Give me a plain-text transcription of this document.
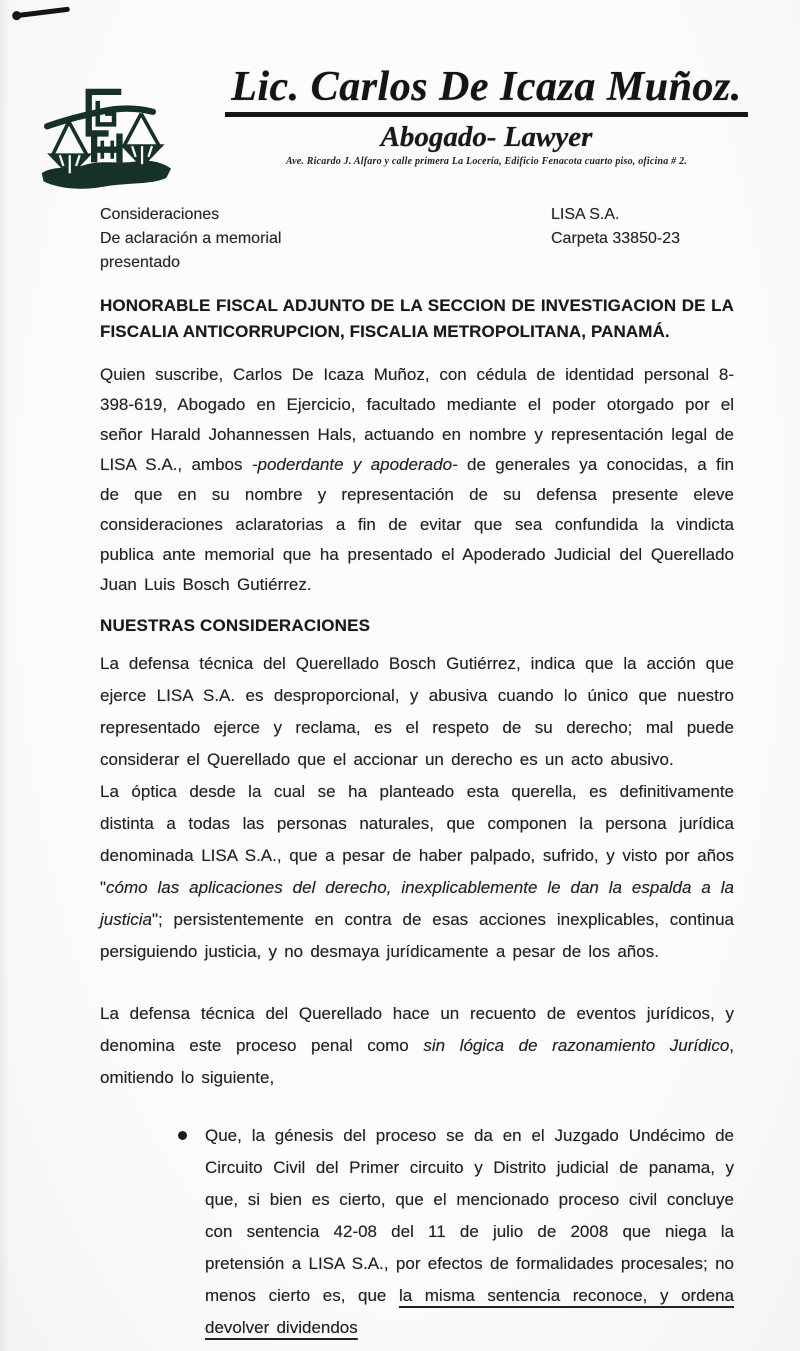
Lic. Carlos De Icaza Muñoz.
Abogado- Lawyer
Ave. Ricardo J. Alfaro y calle primera La Locería, Edificio Fenacota cuarto piso, oficina # 2.
Consideraciones
De aclaración a memorial
presentado
LISA S.A.
Carpeta 33850-23

HONORABLE FISCAL ADJUNTO DE LA SECCION DE INVESTIGACION DE LA FISCALIA ANTICORRUPCION, FISCALIA METROPOLITANA, PANAMÁ.

Quien suscribe, Carlos De Icaza Muñoz, con cédula de identidad personal 8-398-619, Abogado en Ejercicio, facultado mediante el poder otorgado por el señor Harald Johannessen Hals, actuando en nombre y representación legal de LISA S.A., ambos -poderdante y apoderado- de generales ya conocidas, a fin de que en su nombre y representación de su defensa presente eleve consideraciones aclaratorias a fin de evitar que sea confundida la vindicta publica ante memorial que ha presentado el Apoderado Judicial del Querellado Juan Luis Bosch Gutiérrez.

NUESTRAS CONSIDERACIONES

La defensa técnica del Querellado Bosch Gutiérrez, indica que la acción que ejerce LISA S.A. es desproporcional, y abusiva cuando lo único que nuestro representado ejerce y reclama, es el respeto de su derecho; mal puede considerar el Querellado que el accionar un derecho es un acto abusivo.

La óptica desde la cual se ha planteado esta querella, es definitivamente distinta a todas las personas naturales, que componen la persona jurídica denominada LISA S.A., que a pesar de haber palpado, sufrido, y visto por años "cómo las aplicaciones del derecho, inexplicablemente le dan la espalda a la justicia"; persistentemente en contra de esas acciones inexplicables, continua persiguiendo justicia, y no desmaya jurídicamente a pesar de los años.

La defensa técnica del Querellado hace un recuento de eventos jurídicos, y denomina este proceso penal como sin lógica de razonamiento Jurídico, omitiendo lo siguiente,

Que, la génesis del proceso se da en el Juzgado Undécimo de Circuito Civil del Primer circuito y Distrito judicial de panama, y que, si bien es cierto, que el mencionado proceso civil concluye con sentencia 42-08 del 11 de julio de 2008 que niega la pretensión a LISA S.A., por efectos de formalidades procesales; no menos cierto es, que la misma sentencia reconoce, y ordena devolver dividendos
